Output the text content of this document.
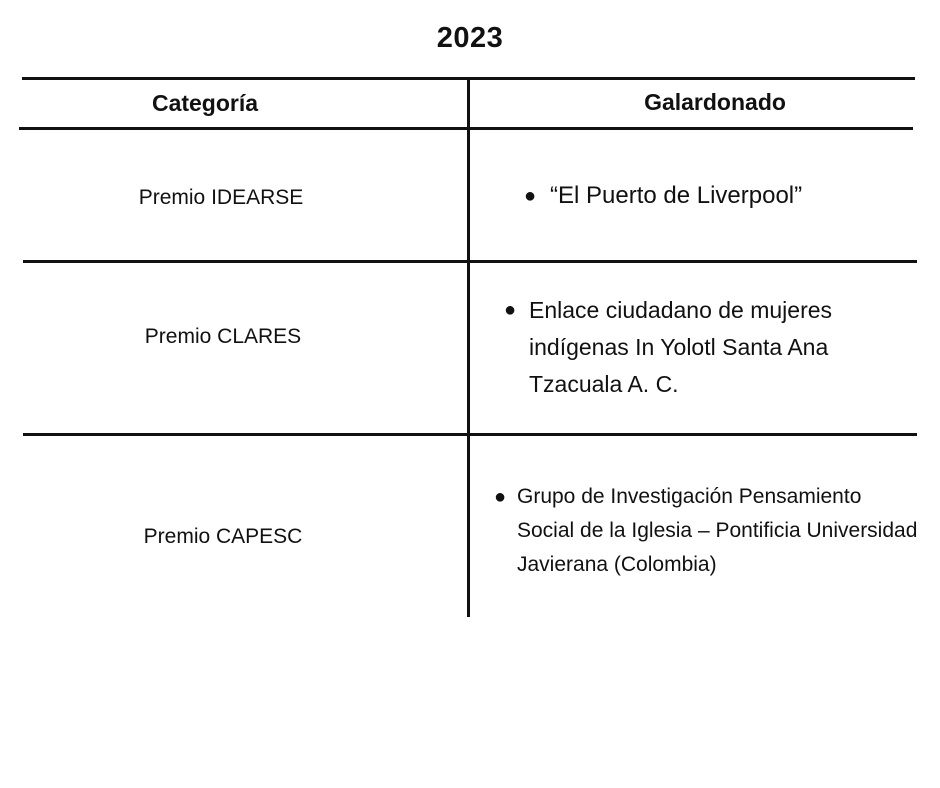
2023
Categoría	Galardonado
Premio IDEARSE	● “El Puerto de Liverpool”
Premio CLARES
● Enlace ciudadano de mujeres indígenas In Yolotl Santa Ana Tzacuala A. C.
Premio CAPESC
● Grupo de Investigación Pensamiento Social de la Iglesia – Pontificia Universidad Javierana (Colombia)
